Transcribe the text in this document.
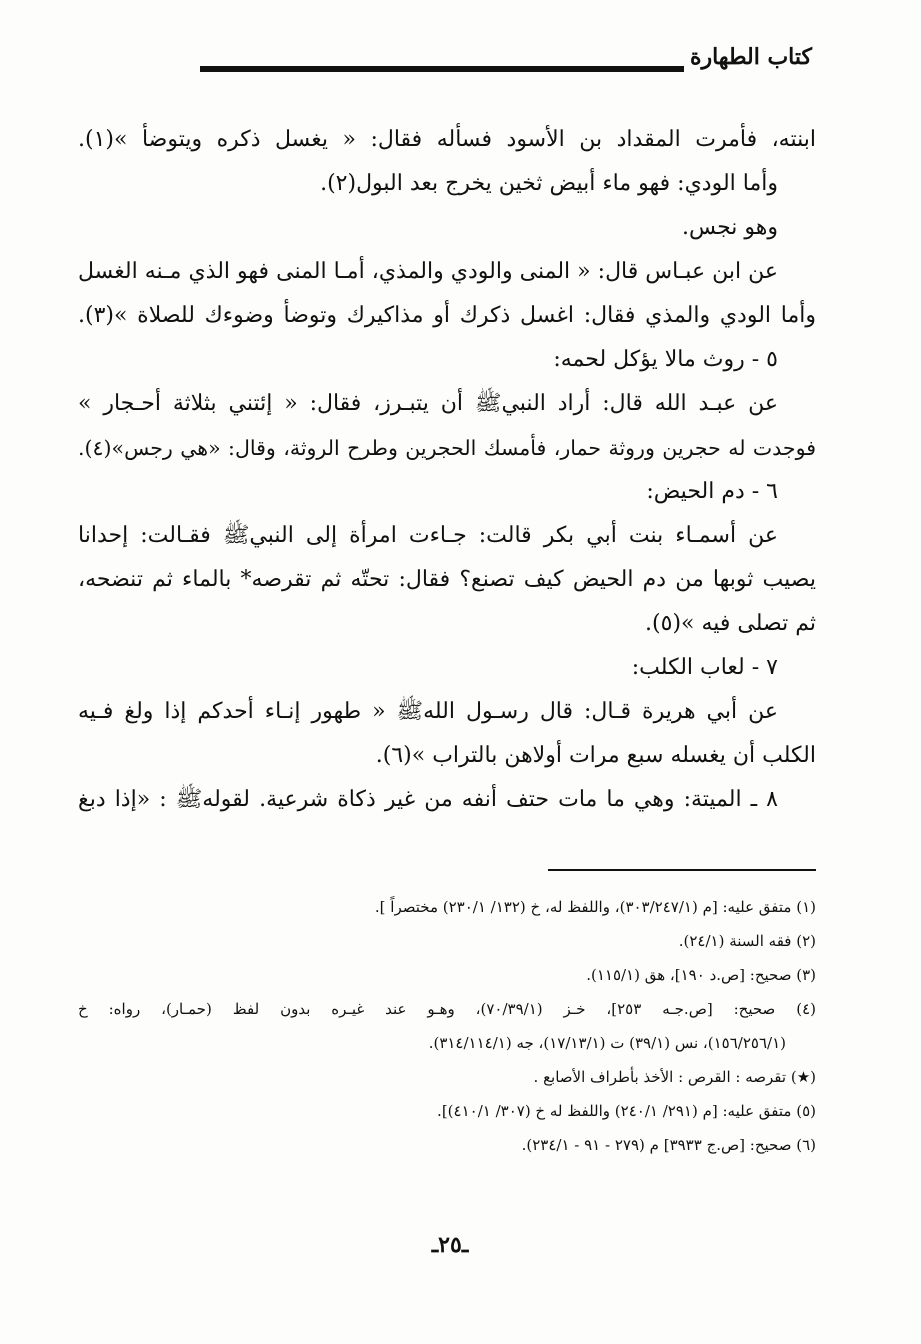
كتاب الطهارة
ابنته، فأمرت المقداد بن الأسود فسأله فقال: « يغسل ذكره ويتوضأ »(١).
وأما الودي: فهو ماء أبيض ثخين يخرج بعد البول(٢).
وهو نجس.
عن ابن عبـاس قال: « المنى والودي والمذي، أمـا المنى فهو الذي مـنه الغسل
وأما الودي والمذي فقال: اغسل ذكرك أو مذاكيرك وتوضأ وضوءك للصلاة »(٣).
٥ - روث مالا يؤكل لحمه:
عن عبـد الله قال: أراد النبيﷺ أن يتبـرز، فقال: « إئتني بثلاثة أحـجار »
فوجدت له حجرين وروثة حمار، فأمسك الحجرين وطرح الروثة، وقال: «هي رجس»(٤).
٦ - دم الحيض:
عن أسمـاء بنت أبي بكر قالت: جـاءت امرأة إلى النبيﷺ فقـالت: إحدانا
يصيب ثوبها من دم الحيض كيف تصنع؟ فقال: تحتّه ثم تقرصه* بالماء ثم تنضحه،
ثم تصلى فيه »(٥).
٧ - لعاب الكلب:
عن أبي هريرة قـال: قال رسـول اللهﷺ « طهور إنـاء أحدكم إذا ولغ فـيه
الكلب أن يغسله سبع مرات أولاهن بالتراب »(٦).
٨ ـ الميتة: وهي ما مات حتف أنفه من غير ذكاة شرعية. لقولهﷺ : «إذا دبغ
(١) متفق عليه: [م (٣٠٣/٢٤٧/١)، واللفظ له، خ (١٣٢/ ٢٣٠/١) مختصراً ].
(٢) فقه السنة (٢٤/١).
(٣) صحيح: [ص.د ١٩٠]، هق (١١٥/١).
(٤) صحيح: [ص.جـه ٢٥٣]، خـز (٧٠/٣٩/١)، وهـو عند غيـره بدون لفظ (حمـار)، رواه: خ
(١٥٦/٢٥٦/١)، نس (٣٩/١) ت (١٧/١٣/١)، جه (٣١٤/١١٤/١).
(★) تقرصه : القرص : الأخذ بأطراف الأصابع .
(٥) متفق عليه: [م (٢٩١/ ٢٤٠/١) واللفظ له خ (٣٠٧/ ٤١٠/١)].
(٦) صحيح: [ص.ج ٣٩٣٣] م (٢٧٩ - ٩١ - ٢٣٤/١).
ـ٢٥ـ
